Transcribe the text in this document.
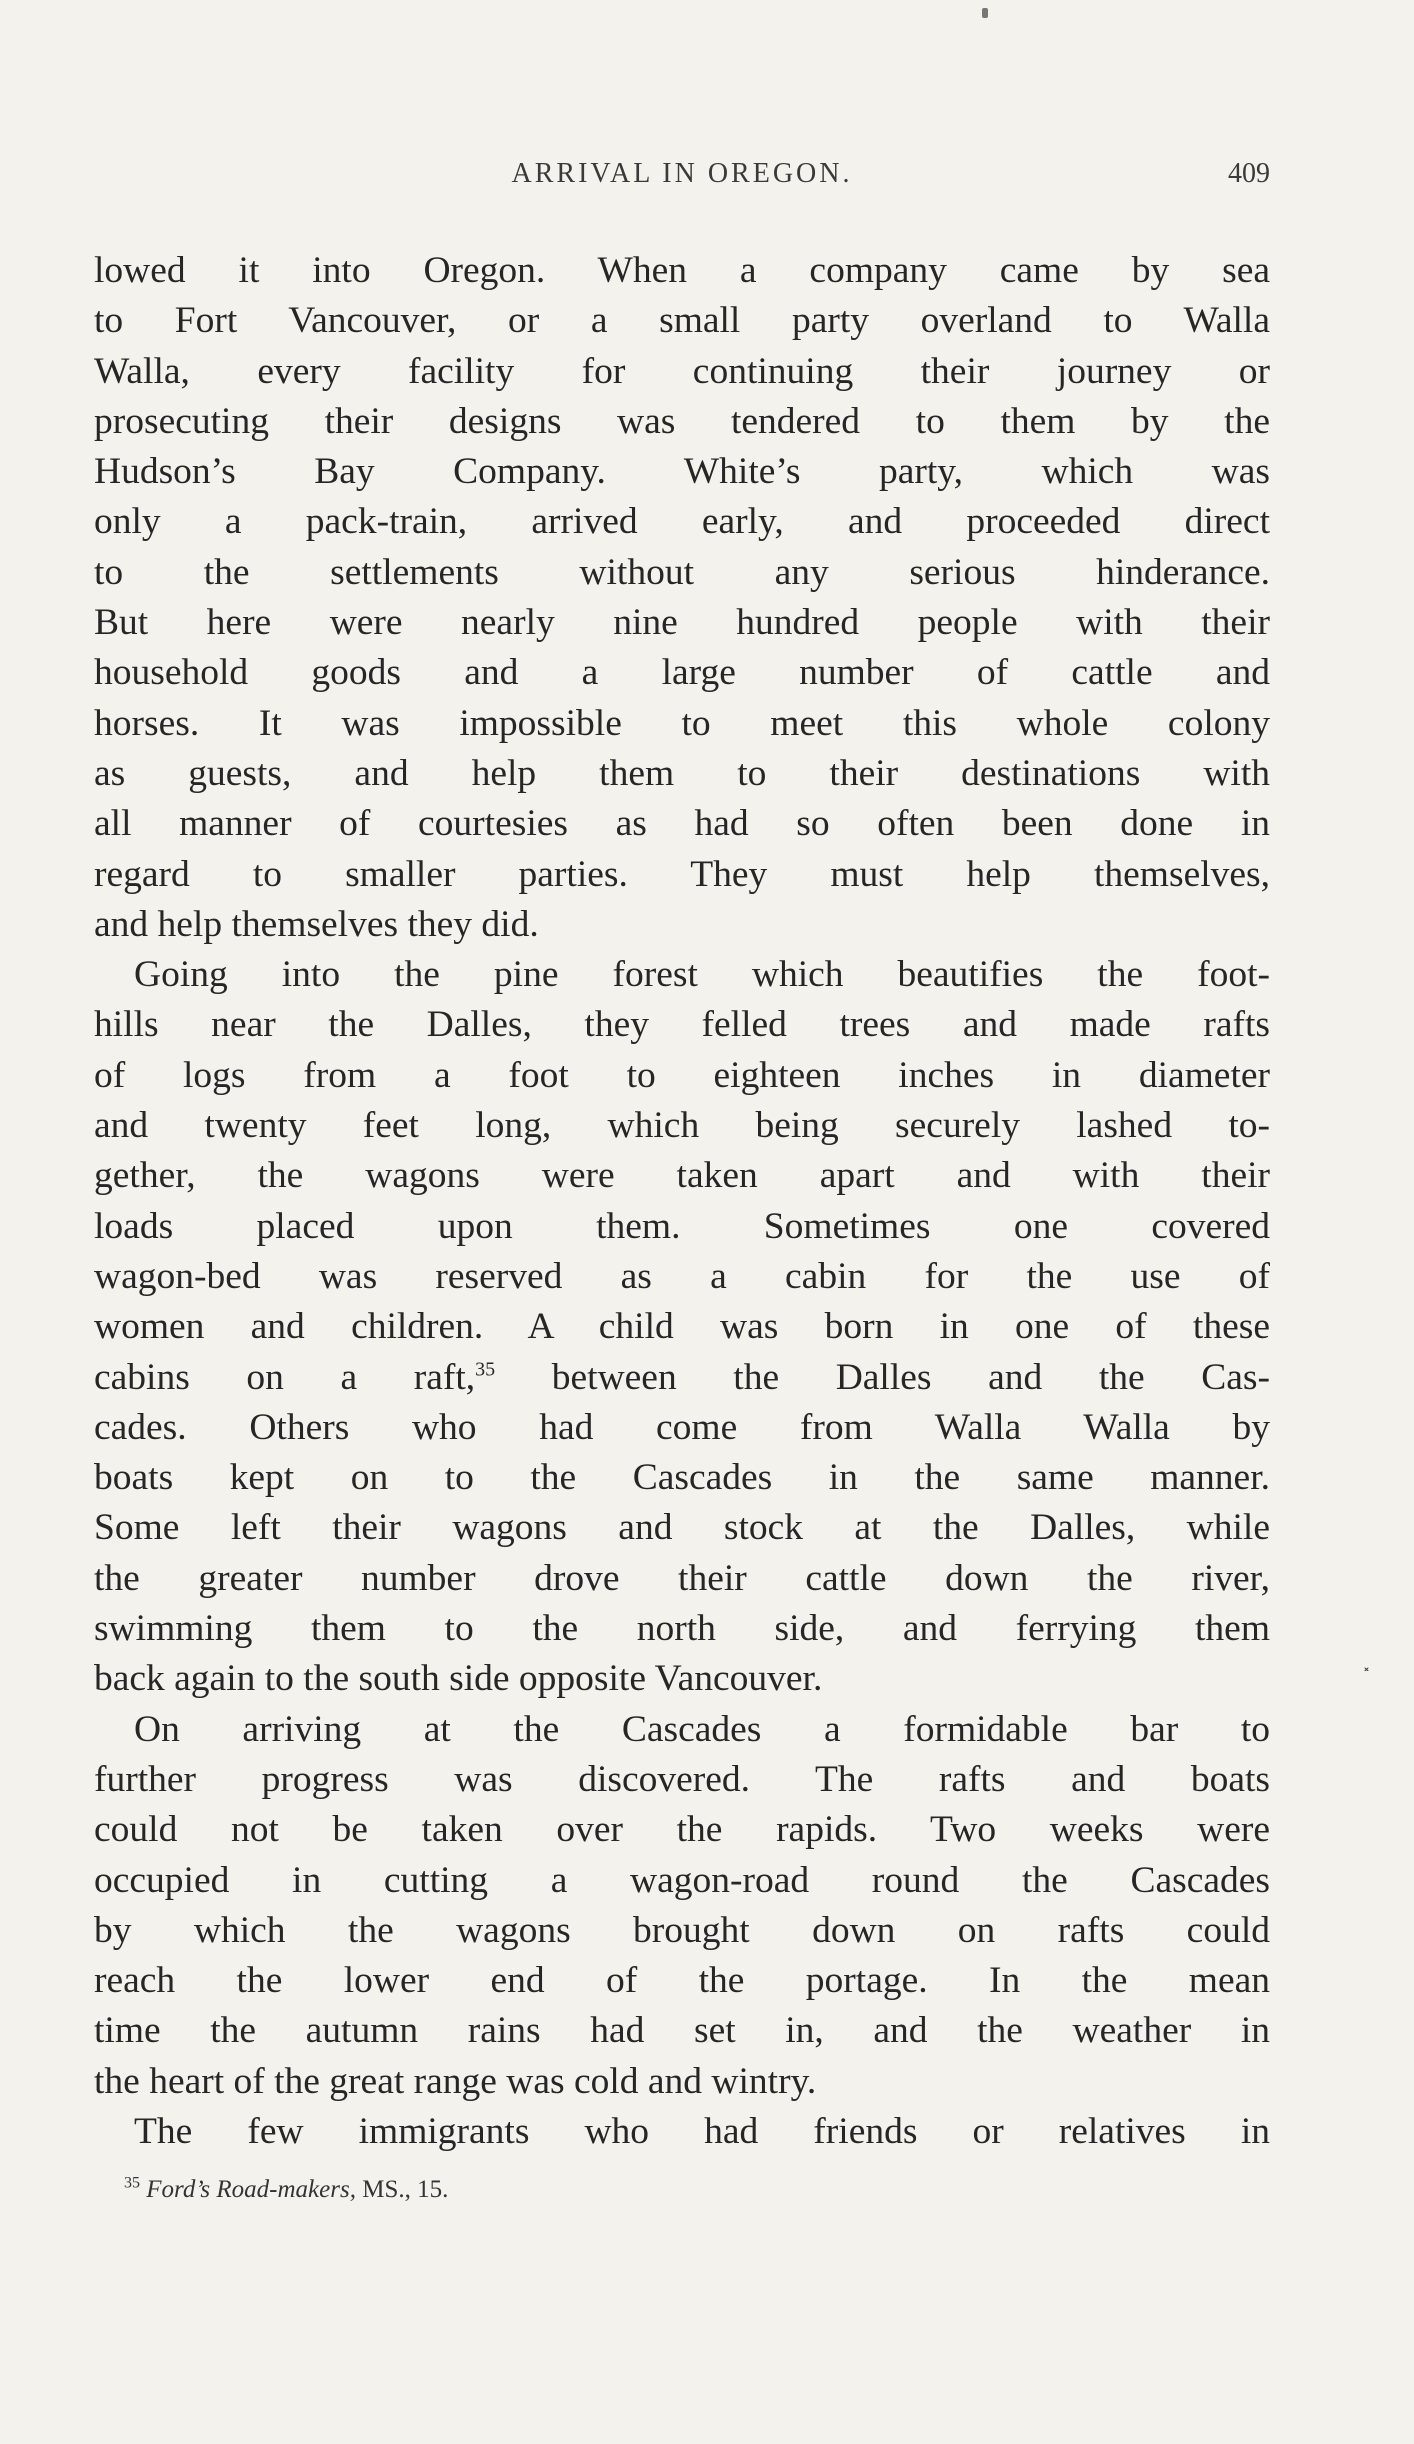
ARRIVAL IN OREGON.	409
lowed it into Oregon. When a company came by sea
to Fort Vancouver, or a small party overland to Walla
Walla, every facility for continuing their journey or
prosecuting their designs was tendered to them by the
Hudson’s Bay Company. White’s party, which was
only a pack-train, arrived early, and proceeded direct
to the settlements without any serious hinderance.
But here were nearly nine hundred people with their
household goods and a large number of cattle and
horses. It was impossible to meet this whole colony
as guests, and help them to their destinations with
all manner of courtesies as had so often been done in
regard to smaller parties. They must help themselves,
and help themselves they did.
Going into the pine forest which beautifies the foot-
hills near the Dalles, they felled trees and made rafts
of logs from a foot to eighteen inches in diameter
and twenty feet long, which being securely lashed to-
gether, the wagons were taken apart and with their
loads placed upon them. Sometimes one covered
wagon-bed was reserved as a cabin for the use of
women and children. A child was born in one of these
cabins on a raft,$^{35}$ between the Dalles and the Cas-
cades. Others who had come from Walla Walla by
boats kept on to the Cascades in the same manner.
Some left their wagons and stock at the Dalles, while
the greater number drove their cattle down the river,
swimming them to the north side, and ferrying them
back again to the south side opposite Vancouver.
On arriving at the Cascades a formidable bar to
further progress was discovered. The rafts and boats
could not be taken over the rapids. Two weeks were
occupied in cutting a wagon-road round the Cascades
by which the wagons brought down on rafts could
reach the lower end of the portage. In the mean
time the autumn rains had set in, and the weather in
the heart of the great range was cold and wintry.
The few immigrants who had friends or relatives in
$^{35}$ Ford’s Road-makers, MS., 15.
˟
